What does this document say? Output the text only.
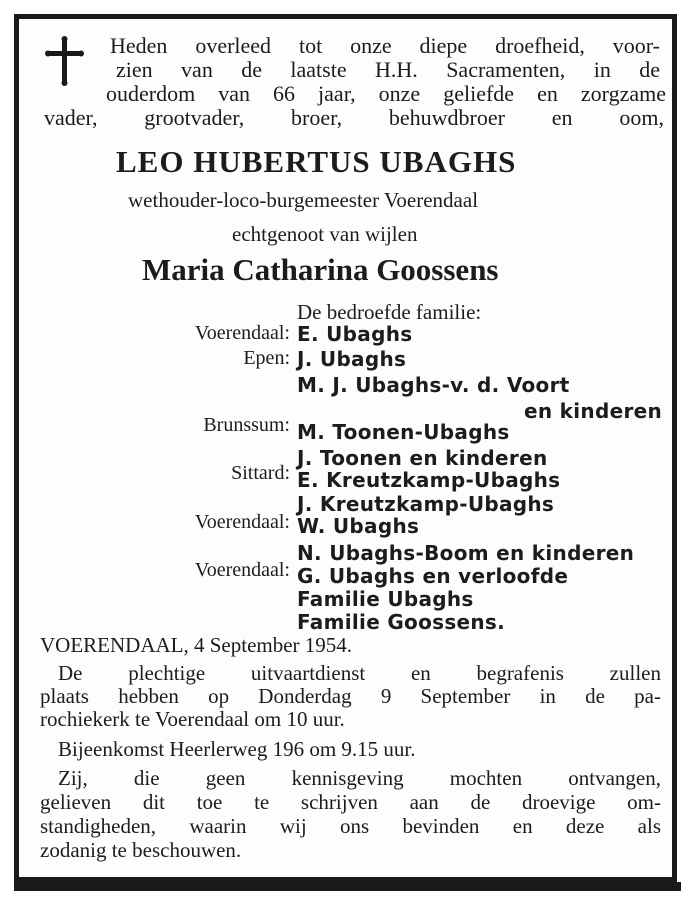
Heden overleed tot onze diepe droefheid, voor-
zien van de laatste H.H. Sacramenten, in de
ouderdom van 66 jaar, onze geliefde en zorgzame
vader, grootvader, broer, behuwdbroer en oom,
LEO HUBERTUS UBAGHS
wethouder-loco-burgemeester Voerendaal
echtgenoot van wijlen
Maria Catharina Goossens
De bedroefde familie:
Voerendaal: E. Ubaghs
Epen: J. Ubaghs
M. J. Ubaghs-v. d. Voort
en kinderen
Brunssum: M. Toonen-Ubaghs
J. Toonen en kinderen
Sittard: E. Kreutzkamp-Ubaghs
J. Kreutzkamp-Ubaghs
Voerendaal: W. Ubaghs
N. Ubaghs-Boom en kinderen
Voerendaal: G. Ubaghs en verloofde
Familie Ubaghs
Familie Goossens.
VOERENDAAL, 4 September 1954.
De plechtige uitvaartdienst en begrafenis zullen
plaats hebben op Donderdag 9 September in de pa-
rochiekerk te Voerendaal om 10 uur.
Bijeenkomst Heerlerweg 196 om 9.15 uur.
Zij, die geen kennisgeving mochten ontvangen,
gelieven dit toe te schrijven aan de droevige om-
standigheden, waarin wij ons bevinden en deze als
zodanig te beschouwen.
